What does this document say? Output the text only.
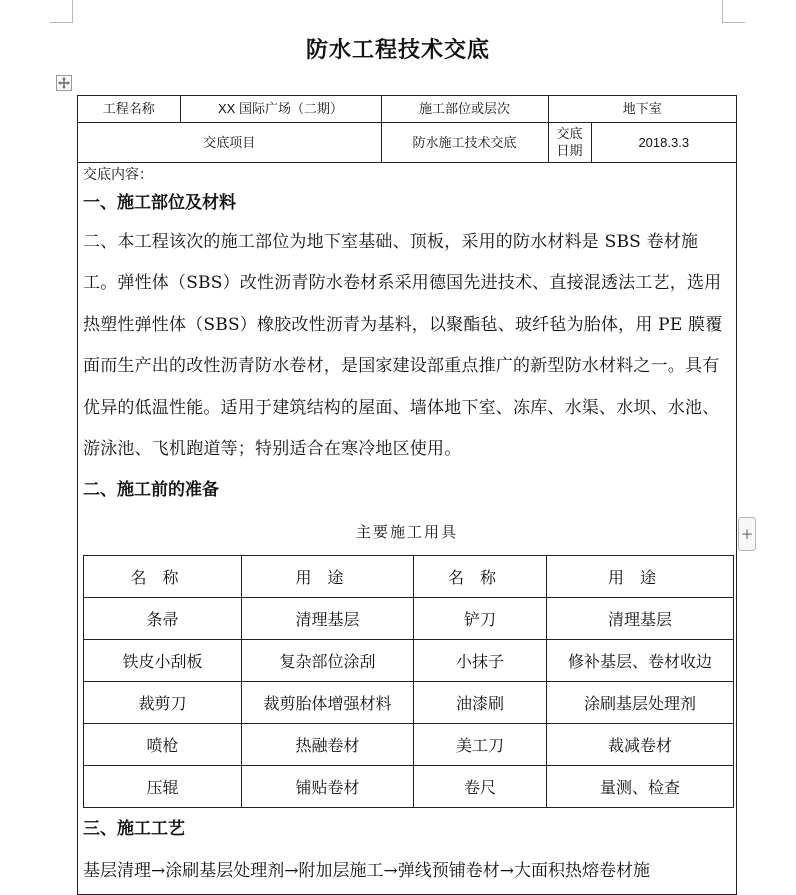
+
防水工程技术交底
工程名称	XX 国际广场（二期）	施工部位或层次	地下室	
交底项目		防水施工技术交底	交底日期	2018.3.3
交底内容：
一、施工部位及材料
二、本工程该次的施工部位为地下室基础、顶板，采用的防水材料是 SBS 卷材施工。弹性体（SBS）改性沥青防水卷材系采用德国先进技术、直接混透法工艺，选用热塑性弹性体（SBS）橡胶改性沥青为基料，以聚酯毡、玻纤毡为胎体，用 PE 膜覆面而生产出的改性沥青防水卷材，是国家建设部重点推广的新型防水材料之一。具有优异的低温性能。适用于建筑结构的屋面、墙体地下室、冻库、水渠、水坝、水池、游泳池、飞机跑道等；特别适合在寒冷地区使用。
二、施工前的准备
主要施工用具
名称	用途	名称	用途
条帚	清理基层	铲刀	清理基层
铁皮小刮板	复杂部位涂刮	小抹子	修补基层、卷材收边
裁剪刀	裁剪胎体增强材料	油漆刷	涂刷基层处理剂
喷枪	热融卷材	美工刀	裁减卷材
压辊	铺贴卷材	卷尺	量测、检查
三、施工工艺
基层清理→涂刷基层处理剂→附加层施工→弹线预铺卷材→大面积热熔卷材施
